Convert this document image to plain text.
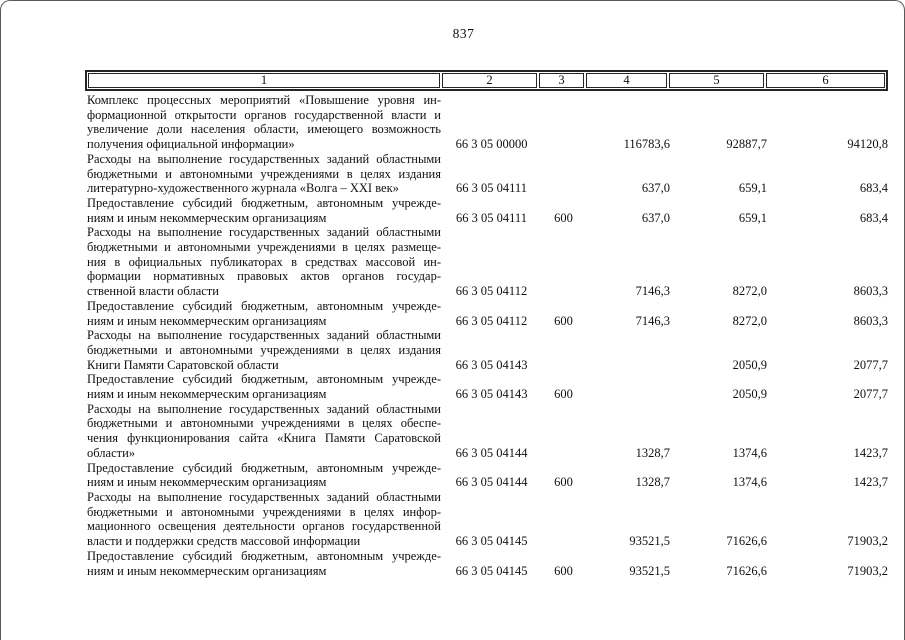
837
1	2	3	4	5	6
Комплекс процессных мероприятий «Повышение уровня ин-
формационной открытости органов государственной власти и
увеличение доли населения области, имеющего возможность
получения официальной информации»	66 3 05 00000		116783,6	92887,7	94120,8

Расходы на выполнение государственных заданий областными
бюджетными и автономными учреждениями в целях издания
литературно-художественного журнала «Волга – XXI век»	66 3 05 04111		637,0	659,1	683,4

Предоставление субсидий бюджетным, автономным учрежде-
ниям и иным некоммерческим организациям	66 3 05 04111	600	637,0	659,1	683,4

Расходы на выполнение государственных заданий областными
бюджетными и автономными учреждениями в целях размеще-
ния в официальных публикаторах в средствах массовой ин-
формации нормативных правовых актов органов государ-
ственной власти области	66 3 05 04112		7146,3	8272,0	8603,3

Предоставление субсидий бюджетным, автономным учрежде-
ниям и иным некоммерческим организациям	66 3 05 04112	600	7146,3	8272,0	8603,3

Расходы на выполнение государственных заданий областными
бюджетными и автономными учреждениями в целях издания
Книги Памяти Саратовской области	66 3 05 04143			2050,9	2077,7

Предоставление субсидий бюджетным, автономным учрежде-
ниям и иным некоммерческим организациям	66 3 05 04143	600		2050,9	2077,7

Расходы на выполнение государственных заданий областными
бюджетными и автономными учреждениями в целях обеспе-
чения функционирования сайта «Книга Памяти Саратовской
области»	66 3 05 04144		1328,7	1374,6	1423,7

Предоставление субсидий бюджетным, автономным учрежде-
ниям и иным некоммерческим организациям	66 3 05 04144	600	1328,7	1374,6	1423,7

Расходы на выполнение государственных заданий областными
бюджетными и автономными учреждениями в целях инфор-
мационного освещения деятельности органов государственной
власти и поддержки средств массовой информации	66 3 05 04145		93521,5	71626,6	71903,2

Предоставление субсидий бюджетным, автономным учрежде-
ниям и иным некоммерческим организациям	66 3 05 04145	600	93521,5	71626,6	71903,2
